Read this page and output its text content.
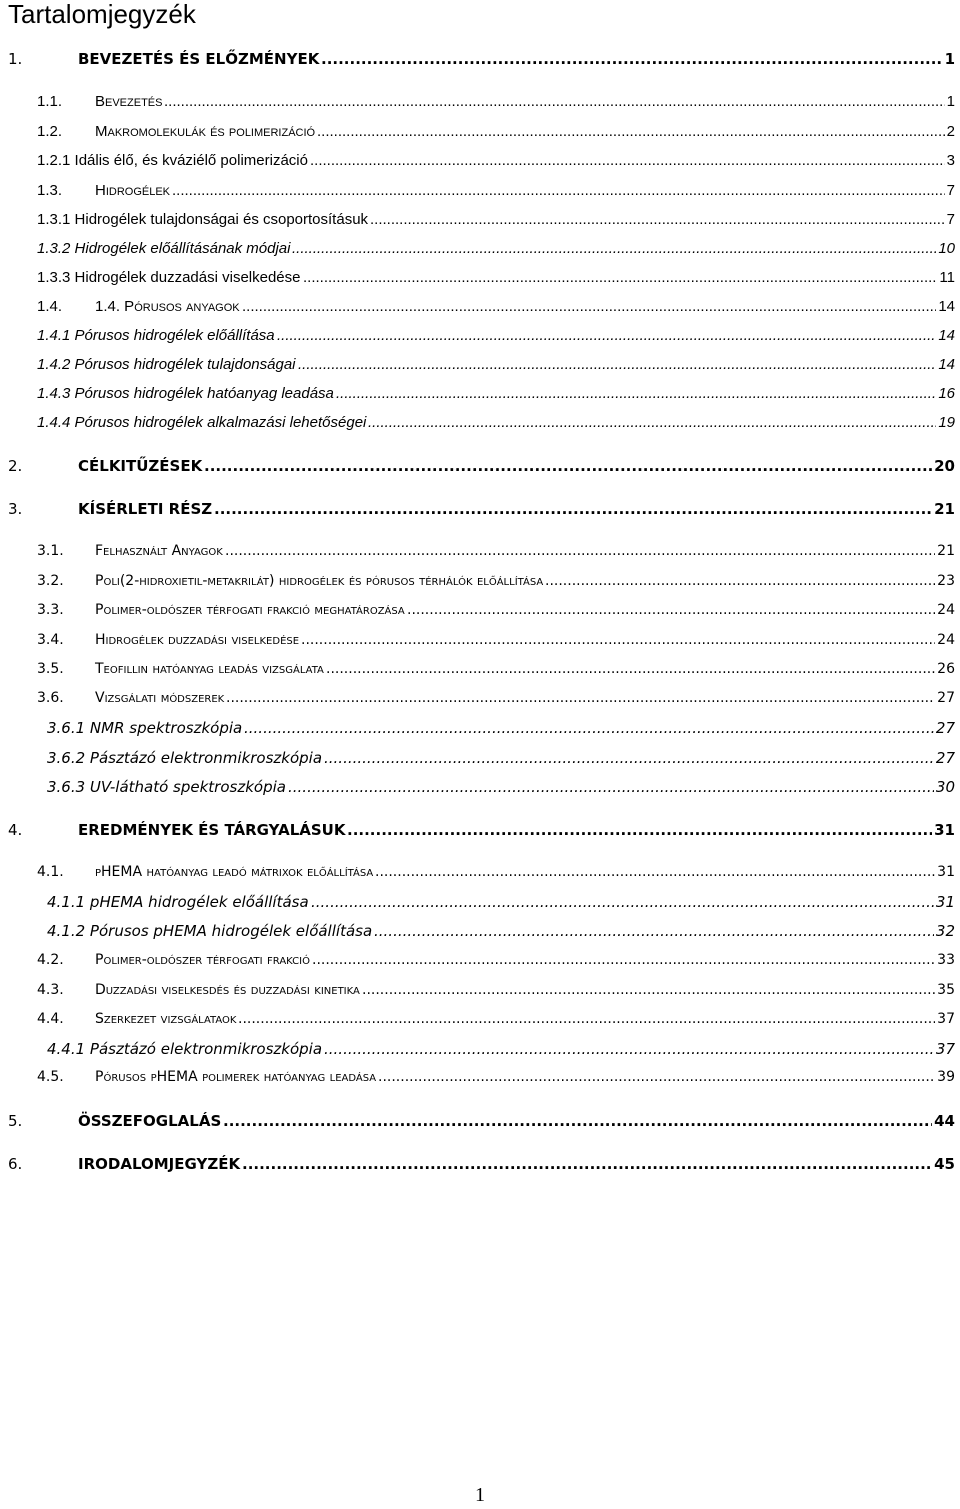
Tartalomjegyzék
1.	BEVEZETÉS ÉS ELŐZMÉNYEK .....	1
1.1. Bevezetés .....	1
1.2. Makromolekulák és polimerizáció .....	2
1.2.1 Idális élő, és kváziélő polimerizáció .....	3
1.3. Hidrogélek .....	7
1.3.1 Hidrogélek tulajdonságai és csoportosításuk .....	7
1.3.2 Hidrogélek előállításának módjai .....	10
1.3.3 Hidrogélek duzzadási viselkedése .....	11
1.4. 1.4. Pórusos anyagok .....	14
1.4.1 Pórusos hidrogélek előállítása .....	14
1.4.2 Pórusos hidrogélek tulajdonságai .....	14
1.4.3 Pórusos hidrogélek hatóanyag leadása .....	16
1.4.4 Pórusos hidrogélek alkalmazási lehetőségei .....	19
2.	CÉLKITŰZÉSEK .....	20
3.	KÍSÉRLETI RÉSZ .....	21
3.1. Felhasznált Anyagok .....	21
3.2. Poli(2-hidroxietil-metakrilát) hidrogélek és pórusos térhálók előállítása .....	23
3.3. Polimer-oldószer térfogati frakció meghatározása .....	24
3.4. Hidrogélek duzzadási viselkedése .....	24
3.5. Teofillin hatóanyag leadás vizsgálata .....	26
3.6. Vizsgálati módszerek .....	27
3.6.1 NMR spektroszkópia .....	27
3.6.2 Pásztázó elektronmikroszkópia .....	27
3.6.3 UV-látható spektroszkópia .....	30
4.	EREDMÉNYEK ÉS TÁRGYALÁSUK .....	31
4.1. pHEMA hatóanyag leadó mátrixok előállítása .....	31
4.1.1 pHEMA hidrogélek előállítása .....	31
4.1.2 Pórusos pHEMA hidrogélek előállítása .....	32
4.2. Polimer-oldószer térfogati frakció .....	33
4.3. Duzzadási viselkesdés és duzzadási kinetika .....	35
4.4. Szerkezet vizsgálataok .....	37
4.4.1 Pásztázó elektronmikroszkópia .....	37
4.5. Pórusos pHEMA polimerek hatóanyag leadása .....	39
5.	ÖSSZEFOGLALÁS .....	44
6.	IRODALOMJEGYZÉK .....	45
1
